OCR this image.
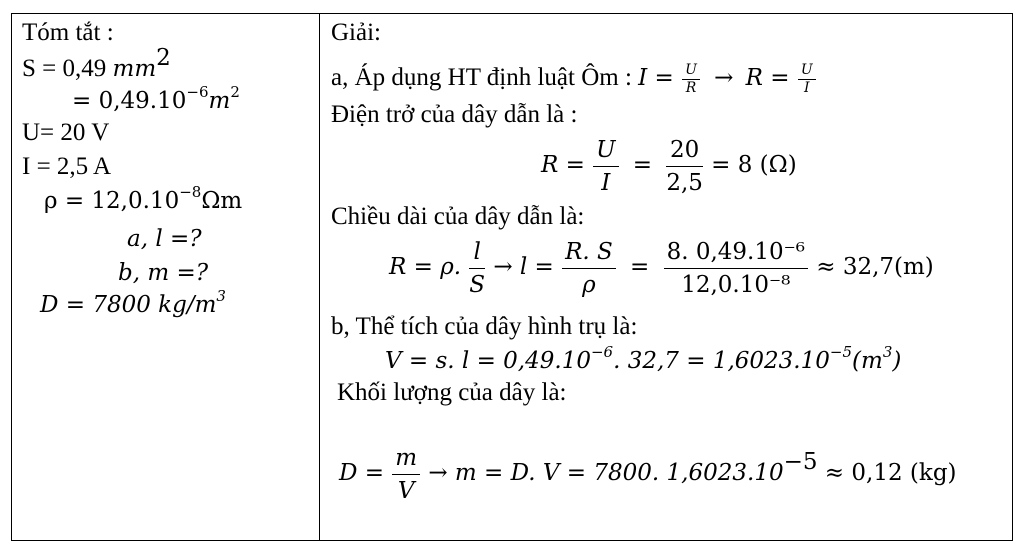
Tóm tắt :
S = 0,49 $mm^2$
= $0,49.10^{-6}m^2$
U= 20 V
I = 2,5 A
$\rho = 12,0.10^{-8}\Omega m$
a, l =?
b, m =?
D = 7800 $kg/m^3$
Giải:
a, Áp dụng HT định luật Ôm : $I = \frac{U}{R} \to R = \frac{U}{I}$
Điện trở của dây dẫn là :
$R = \frac{U}{I} = \frac{20}{2,5} = 8$ (Ω)
Chiều dài của dây dẫn là:
R = ρ. $\frac{l}{S} \to l = \frac{R. S}{\rho} = \frac{\text{8. 0,49.10⁻⁶}}{\text{12,0.10⁻⁸}} \approx 32,7(m)$
b, Thể tích của dây hình trụ là:
V = s. $l = 0,49.10^{-6}$. $32,7 = 1,6023.10^{-5}(m^3)$
Khối lượng của dây là:
$D = \frac{m}{V} \to m = D$. V = 7800. $1,6023.10^{-5} \approx 0,12$ (kg)
